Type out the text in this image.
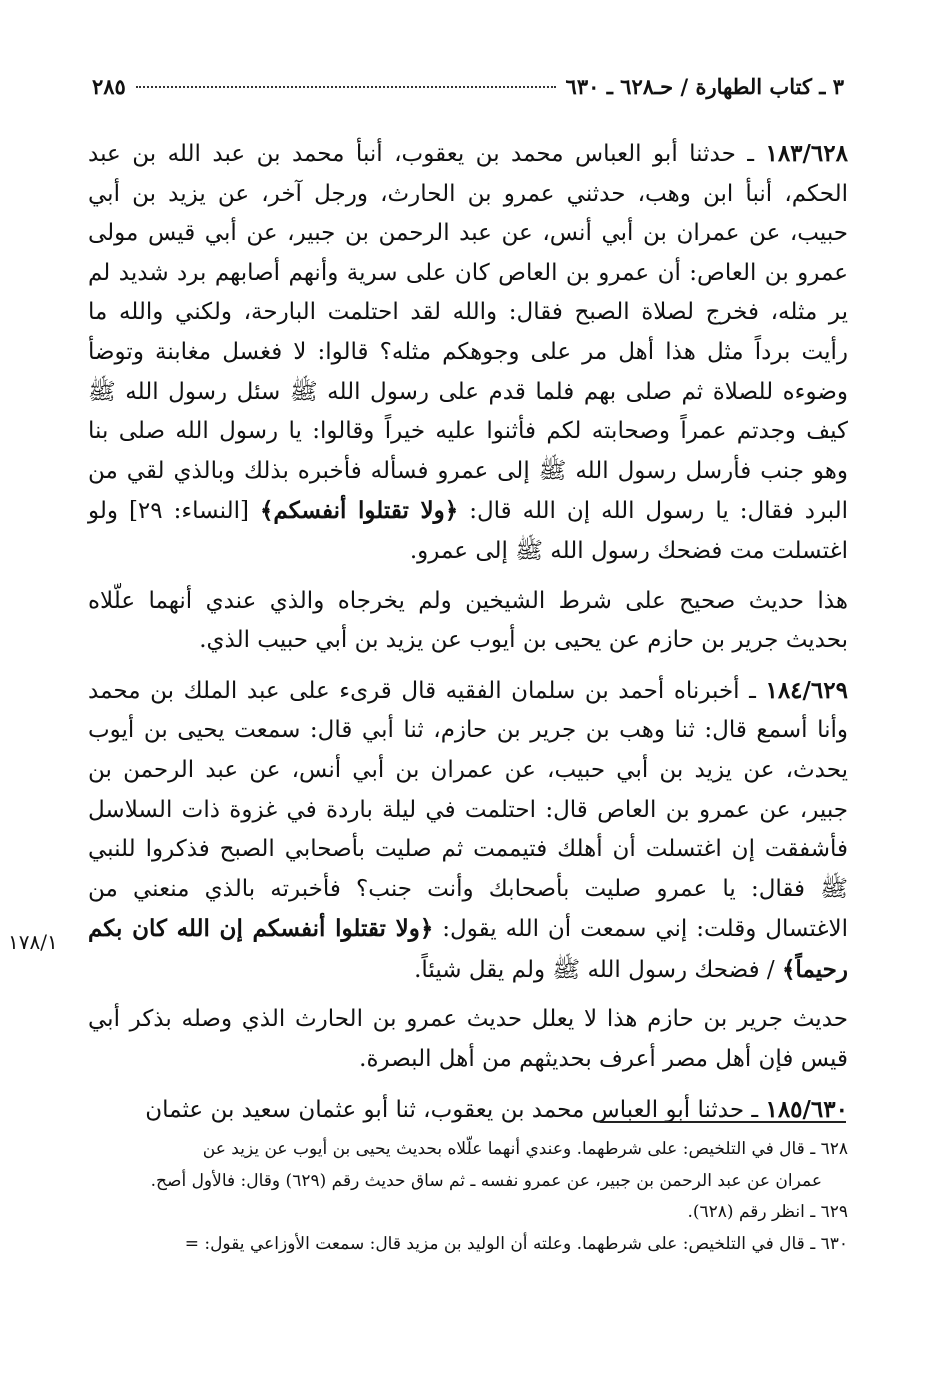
٣ ـ كتاب الطهارة / حـ٦٢٨ ـ ٦٣٠
٢٨٥

١٨٣/٦٢٨ ـ حدثنا أبو العباس محمد بن يعقوب، أنبأ محمد بن عبد الله بن عبد الحكم، أنبأ ابن وهب، حدثني عمرو بن الحارث، ورجل آخر، عن يزيد بن أبي حبيب، عن عمران بن أبي أنس، عن عبد الرحمن بن جبير، عن أبي قيس مولى عمرو بن العاص: أن عمرو بن العاص كان على سرية وأنهم أصابهم برد شديد لم ير مثله، فخرج لصلاة الصبح فقال: والله لقد احتلمت البارحة، ولكني والله ما رأيت برداً مثل هذا أهل مر على وجوهكم مثله؟ قالوا: لا فغسل مغابنة وتوضأ وضوءه للصلاة ثم صلى بهم فلما قدم على رسول الله ﷺ سئل رسول الله ﷺ كيف وجدتم عمراً وصحابته لكم فأثنوا عليه خيراً وقالوا: يا رسول الله صلى بنا وهو جنب فأرسل رسول الله ﷺ إلى عمرو فسأله فأخبره بذلك وبالذي لقي من البرد فقال: يا رسول الله إن الله قال: ﴿ولا تقتلوا أنفسكم﴾ [النساء: ٢٩] ولو اغتسلت مت فضحك رسول الله ﷺ إلى عمرو.

هذا حديث صحيح على شرط الشيخين ولم يخرجاه والذي عندي أنهما علّلاه بحديث جرير بن حازم عن يحيى بن أيوب عن يزيد بن أبي حبيب الذي.

١٨٤/٦٢٩ ـ أخبرناه أحمد بن سلمان الفقيه قال قرىء على عبد الملك بن محمد وأنا أسمع قال: ثنا وهب بن جرير بن حازم، ثنا أبي قال: سمعت يحيى بن أيوب يحدث، عن يزيد بن أبي حبيب، عن عمران بن أبي أنس، عن عبد الرحمن بن جبير، عن عمرو بن العاص قال: احتلمت في ليلة باردة في غزوة ذات السلاسل فأشفقت إن اغتسلت أن أهلك فتيممت ثم صليت بأصحابي الصبح فذكروا للنبي ﷺ فقال: يا عمرو صليت بأصحابك وأنت جنب؟ فأخبرته بالذي منعني من الاغتسال وقلت: إني سمعت أن الله يقول: ﴿ولا تقتلوا أنفسكم إن الله كان بكم رحيماً﴾ / فضحك رسول الله ﷺ ولم يقل شيئاً.

حديث جرير بن حازم هذا لا يعلل حديث عمرو بن الحارث الذي وصله بذكر أبي قيس فإن أهل مصر أعرف بحديثهم من أهل البصرة.

١٨٥/٦٣٠ ـ حدثنا أبو العباس محمد بن يعقوب، ثنا أبو عثمان سعيد بن عثمان

١٧٨/١

٦٢٨ ـ قال في التلخيص: على شرطهما. وعندي أنهما علّلاه بحديث يحيى بن أيوب عن يزيد عن

عمران عن عبد الرحمن بن جبير، عن عمرو نفسه ـ ثم ساق حديث رقم (٦٢٩) وقال: فالأول أصح.

٦٢٩ ـ انظر رقم (٦٢٨).

٦٣٠ ـ قال في التلخيص: على شرطهما. وعلته أن الوليد بن مزيد قال: سمعت الأوزاعي يقول: =
